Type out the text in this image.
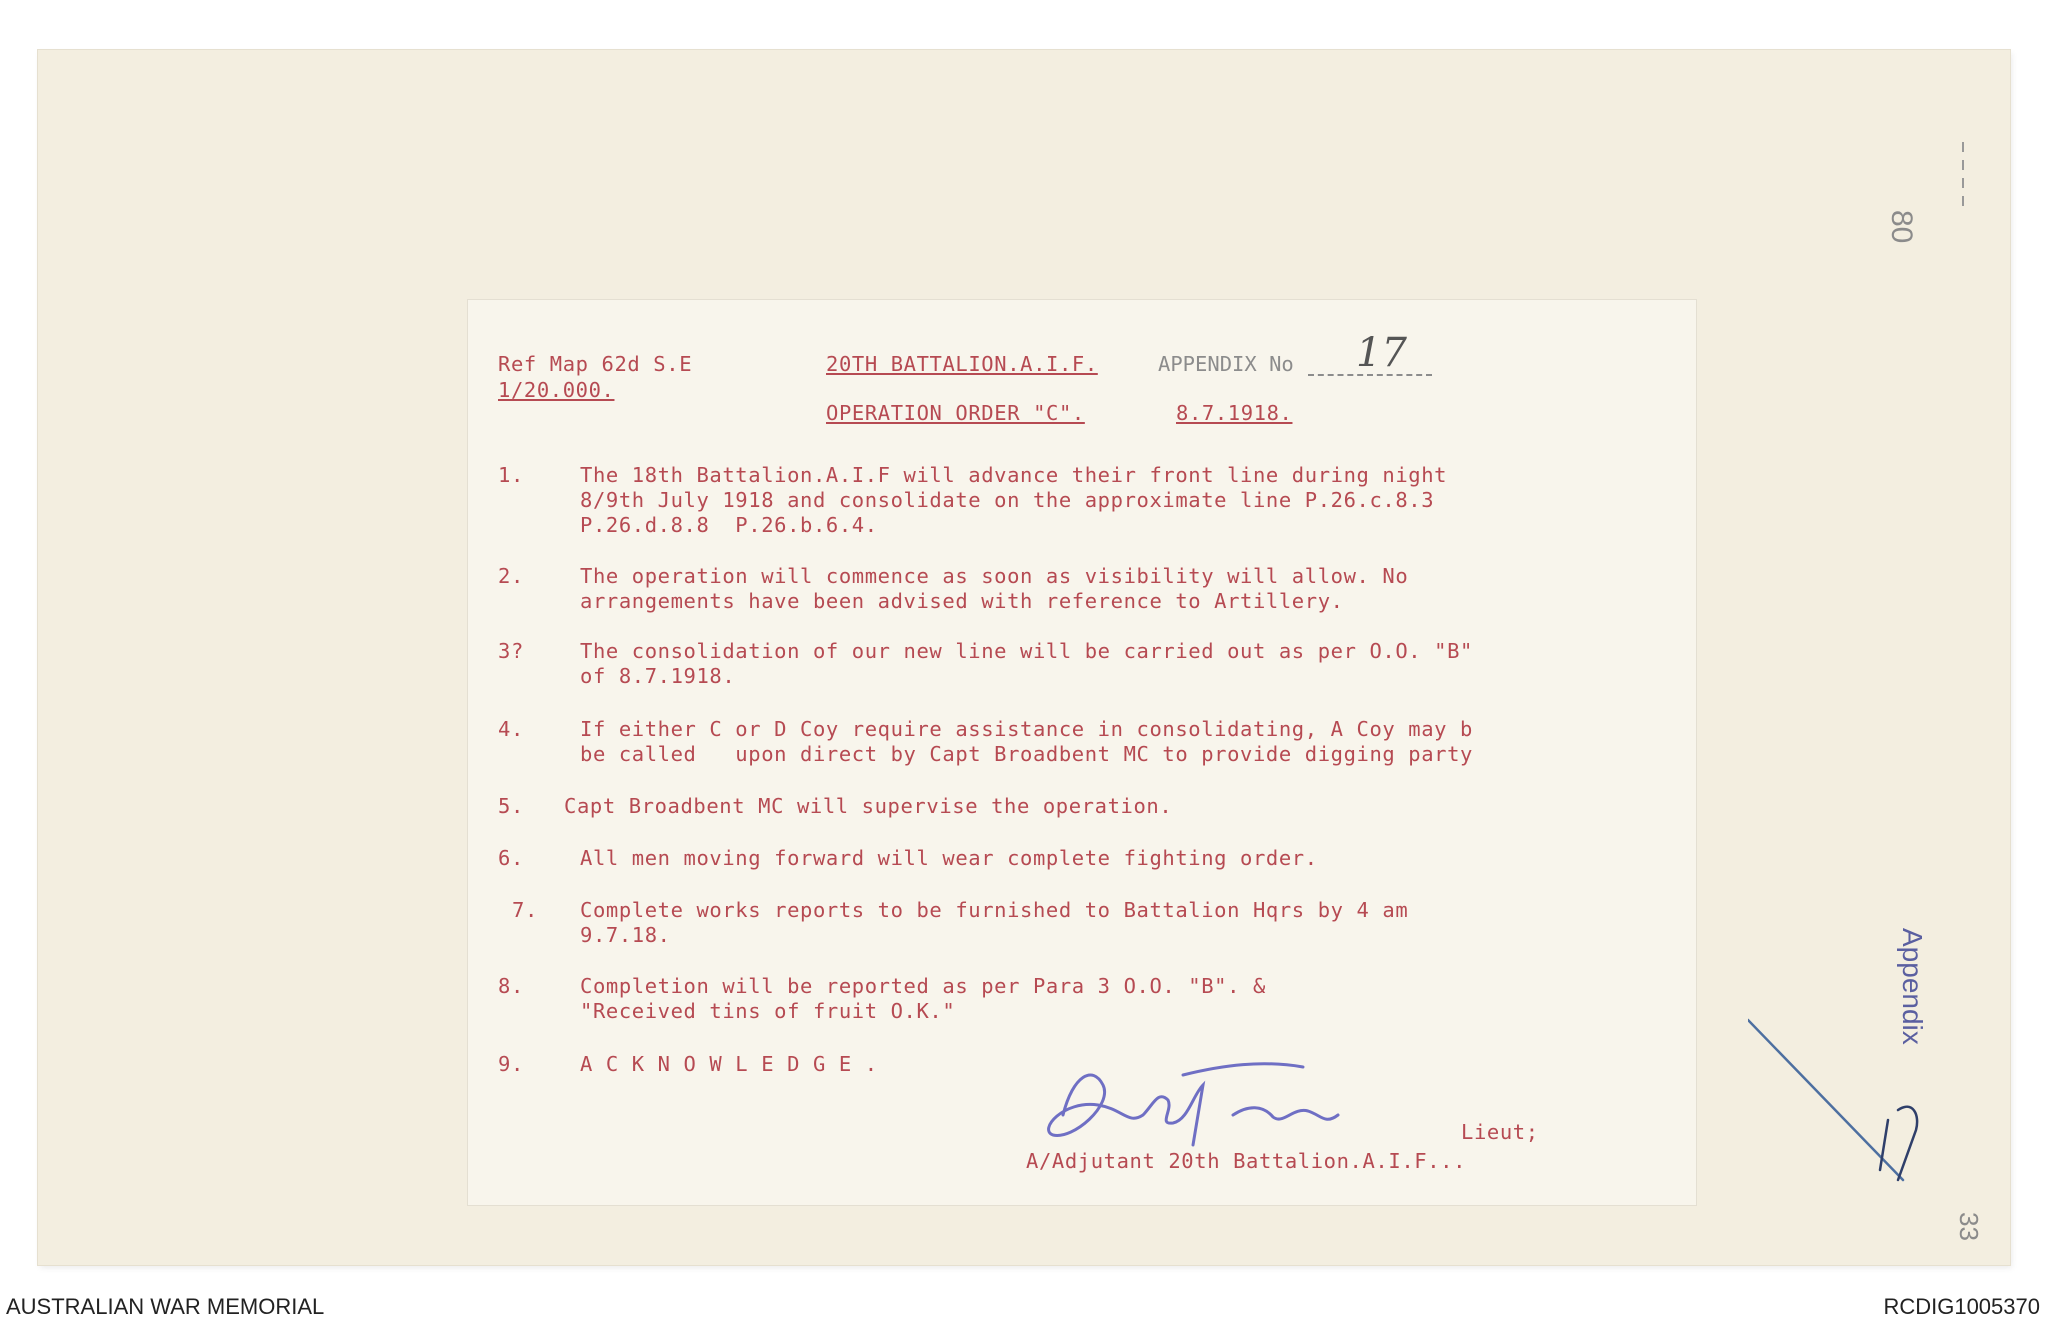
80
Appendix
33
Ref Map 62d S.E
1/20.000.
20TH BATTALION.A.I.F.	APPENDIX No 17
OPERATION ORDER "C".	8.7.1918.
1.	The 18th Battalion.A.I.F will advance their front line during night
8/9th July 1918 and consolidate on the approximate line P.26.c.8.3
P.26.d.8.8  P.26.b.6.4.
2.	The operation will commence as soon as visibility will allow. No
arrangements have been advised with reference to Artillery.
3?	The consolidation of our new line will be carried out as per O.O. "B"
of 8.7.1918.
4.	If either C or D Coy require assistance in consolidating, A Coy may b
be called   upon direct by Capt Broadbent MC to provide digging party
5. Capt Broadbent MC will supervise the operation.
6.	All men moving forward will wear complete fighting order.
7. Complete works reports to be furnished to Battalion Hqrs by 4 am
9.7.18.
8.	Completion will be reported as per Para 3 O.O. "B". &
"Received tins of fruit O.K."
9.	A C K N O W L E D G E .
Lieut;
A/Adjutant 20th Battalion.A.I.F...
AUSTRALIAN WAR MEMORIAL	RCDIG1005370
